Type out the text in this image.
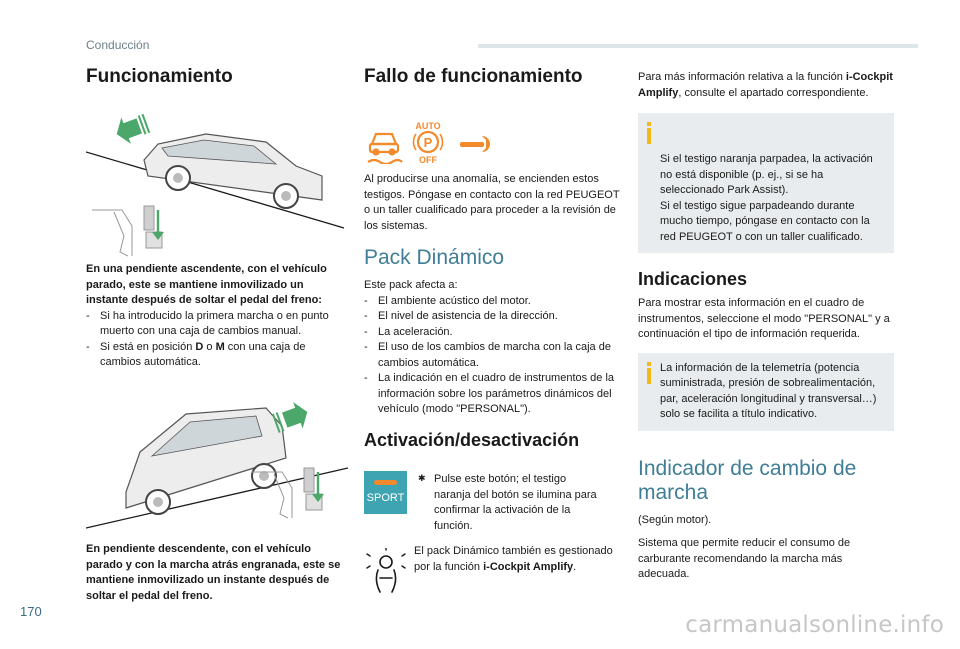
Conducción
Funcionamiento

En una pendiente ascendente, con el vehículo parado, este se mantiene inmovilizado un instante después de soltar el pedal del freno:

- Si ha introducido la primera marcha o en punto muerto con una caja de cambios manual.
- Si está en posición D o M con una caja de cambios automática.

En pendiente descendente, con el vehículo parado y con la marcha atrás engranada, este se mantiene inmovilizado un instante después de soltar el pedal del freno.

Fallo de funcionamiento
AUTO
P
OFF

Al producirse una anomalía, se encienden estos testigos. Póngase en contacto con la red PEUGEOT o un taller cualificado para proceder a la revisión de los sistemas.

Pack Dinámico

Este pack afecta a:

- El ambiente acústico del motor.
- El nivel de asistencia de la dirección.
- La aceleración.
- El uso de los cambios de marcha con la caja de cambios automática.
- La indicación en el cuadro de instrumentos de la información sobre los parámetros dinámicos del vehículo (modo "PERSONAL").
Activación/desactivación
SPORT

✱ Pulse este botón; el testigo naranja del botón se ilumina para confirmar la activación de la función.

El pack Dinámico también es gestionado por la función i-Cockpit Amplify.

Para más información relativa a la función i-Cockpit Amplify, consulte el apartado correspondiente.

Si el testigo naranja parpadea, la activación no está disponible (p. ej., si se ha seleccionado Park Assist).
Si el testigo sigue parpadeando durante mucho tiempo, póngase en contacto con la red PEUGEOT o con un taller cualificado.

Indicaciones

Para mostrar esta información en el cuadro de instrumentos, seleccione el modo "PERSONAL" y a continuación el tipo de información requerida.

La información de la telemetría (potencia suministrada, presión de sobrealimentación, par, aceleración longitudinal y transversal…) solo se facilita a título indicativo.
Indicador de cambio de marcha

(Según motor).

Sistema que permite reducir el consumo de carburante recomendando la marcha más adecuada.

170
carmanualsonline.info
